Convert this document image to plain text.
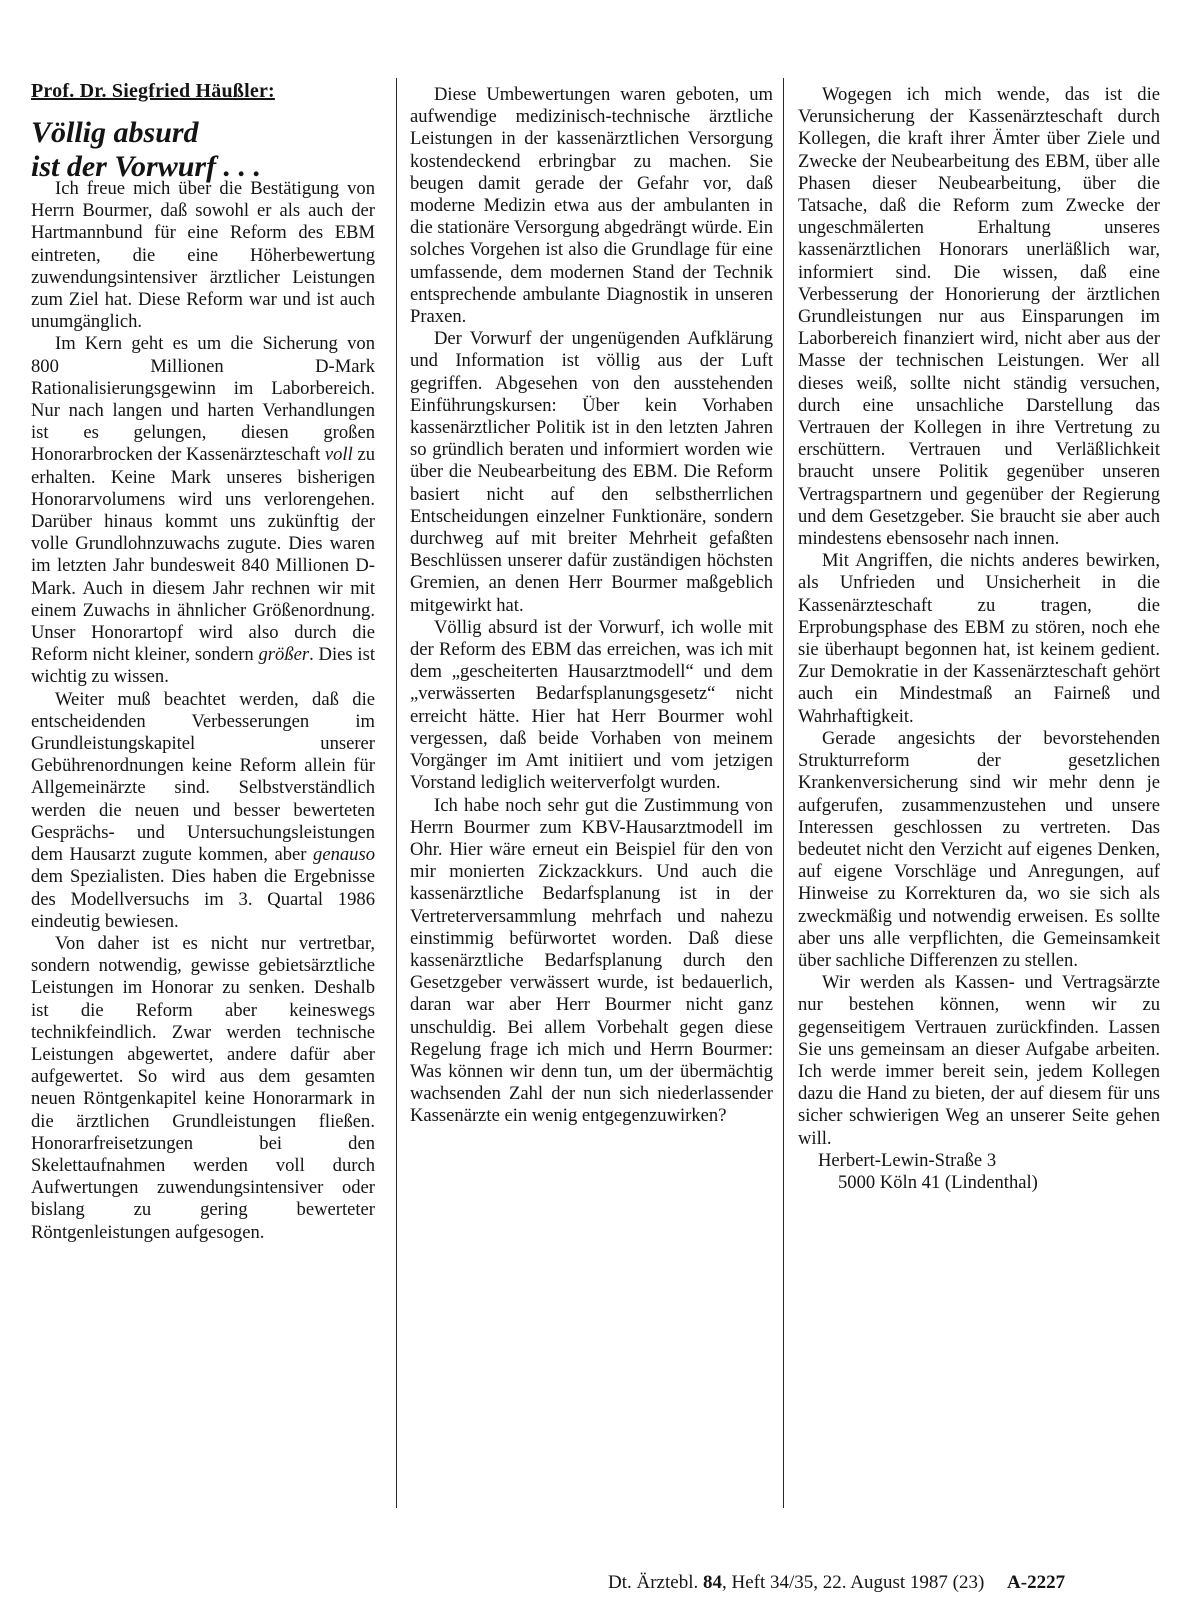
Prof. Dr. Siegfried Häußler:
Völlig absurd
ist der Vorwurf . . .

Ich freue mich über die Bestätigung von Herrn Bourmer, daß sowohl er als auch der Hartmannbund für eine Reform des EBM eintreten, die eine Höherbewertung zuwendungsintensiver ärztlicher Leistungen zum Ziel hat. Diese Reform war und ist auch unumgänglich.

Im Kern geht es um die Sicherung von 800 Millionen D-Mark Rationalisierungsgewinn im Laborbereich. Nur nach langen und harten Verhandlungen ist es gelungen, diesen großen Honorarbrocken der Kassenärzteschaft voll zu erhalten. Keine Mark unseres bisherigen Honorarvolumens wird uns verlorengehen. Darüber hinaus kommt uns zukünftig der volle Grundlohnzuwachs zugute. Dies waren im letzten Jahr bundesweit 840 Millionen D-Mark. Auch in diesem Jahr rechnen wir mit einem Zuwachs in ähnlicher Größenordnung. Unser Honorartopf wird also durch die Reform nicht kleiner, sondern größer. Dies ist wichtig zu wissen.

Weiter muß beachtet werden, daß die entscheidenden Verbesserungen im Grundleistungskapitel unserer Gebührenordnungen keine Reform allein für Allgemeinärzte sind. Selbstverständlich werden die neuen und besser bewerteten Gesprächs- und Untersuchungsleistungen dem Hausarzt zugute kommen, aber genauso dem Spezialisten. Dies haben die Ergebnisse des Modellversuchs im 3. Quartal 1986 eindeutig bewiesen.

Von daher ist es nicht nur vertretbar, sondern notwendig, gewisse gebietsärztliche Leistungen im Honorar zu senken. Deshalb ist die Reform aber keineswegs technikfeindlich. Zwar werden technische Leistungen abgewertet, andere dafür aber aufgewertet. So wird aus dem gesamten neuen Röntgenkapitel keine Honorarmark in die ärztlichen Grundleistungen fließen. Honorarfreisetzungen bei den Skelettaufnahmen werden voll durch Aufwertungen zuwendungsintensiver oder bislang zu gering bewerteter Röntgenleistungen aufgesogen.

Diese Umbewertungen waren geboten, um aufwendige medizinisch-technische ärztliche Leistungen in der kassenärztlichen Versorgung kostendeckend erbringbar zu machen. Sie beugen damit gerade der Gefahr vor, daß moderne Medizin etwa aus der ambulanten in die stationäre Versorgung abgedrängt würde. Ein solches Vorgehen ist also die Grundlage für eine umfassende, dem modernen Stand der Technik entsprechende ambulante Diagnostik in unseren Praxen.

Der Vorwurf der ungenügenden Aufklärung und Information ist völlig aus der Luft gegriffen. Abgesehen von den ausstehenden Einführungskursen: Über kein Vorhaben kassenärztlicher Politik ist in den letzten Jahren so gründlich beraten und informiert worden wie über die Neubearbeitung des EBM. Die Reform basiert nicht auf den selbstherrlichen Entscheidungen einzelner Funktionäre, sondern durchweg auf mit breiter Mehrheit gefaßten Beschlüssen unserer dafür zuständigen höchsten Gremien, an denen Herr Bourmer maßgeblich mitgewirkt hat.

Völlig absurd ist der Vorwurf, ich wolle mit der Reform des EBM das erreichen, was ich mit dem „gescheiterten Hausarztmodell“ und dem „verwässerten Bedarfsplanungsgesetz“ nicht erreicht hätte. Hier hat Herr Bourmer wohl vergessen, daß beide Vorhaben von meinem Vorgänger im Amt initiiert und vom jetzigen Vorstand lediglich weiterverfolgt wurden.

Ich habe noch sehr gut die Zustimmung von Herrn Bourmer zum KBV-Hausarztmodell im Ohr. Hier wäre erneut ein Beispiel für den von mir monierten Zickzackkurs. Und auch die kassenärztliche Bedarfsplanung ist in der Vertreterversammlung mehrfach und nahezu einstimmig befürwortet worden. Daß diese kassenärztliche Bedarfsplanung durch den Gesetzgeber verwässert wurde, ist bedauerlich, daran war aber Herr Bourmer nicht ganz unschuldig. Bei allem Vorbehalt gegen diese Regelung frage ich mich und Herrn Bourmer: Was können wir denn tun, um der übermächtig wachsenden Zahl der nun sich niederlassender Kassenärzte ein wenig entgegenzuwirken?

Wogegen ich mich wende, das ist die Verunsicherung der Kassenärzteschaft durch Kollegen, die kraft ihrer Ämter über Ziele und Zwecke der Neubearbeitung des EBM, über alle Phasen dieser Neubearbeitung, über die Tatsache, daß die Reform zum Zwecke der ungeschmälerten Erhaltung unseres kassenärztlichen Honorars unerläßlich war, informiert sind. Die wissen, daß eine Verbesserung der Honorierung der ärztlichen Grundleistungen nur aus Einsparungen im Laborbereich finanziert wird, nicht aber aus der Masse der technischen Leistungen. Wer all dieses weiß, sollte nicht ständig versuchen, durch eine unsachliche Darstellung das Vertrauen der Kollegen in ihre Vertretung zu erschüttern. Vertrauen und Verläßlichkeit braucht unsere Politik gegenüber unseren Vertragspartnern und gegenüber der Regierung und dem Gesetzgeber. Sie braucht sie aber auch mindestens ebensosehr nach innen.

Mit Angriffen, die nichts anderes bewirken, als Unfrieden und Unsicherheit in die Kassenärzteschaft zu tragen, die Erprobungsphase des EBM zu stören, noch ehe sie überhaupt begonnen hat, ist keinem gedient. Zur Demokratie in der Kassenärzteschaft gehört auch ein Mindestmaß an Fairneß und Wahrhaftigkeit.

Gerade angesichts der bevorstehenden Strukturreform der gesetzlichen Krankenversicherung sind wir mehr denn je aufgerufen, zusammenzustehen und unsere Interessen geschlossen zu vertreten. Das bedeutet nicht den Verzicht auf eigenes Denken, auf eigene Vorschläge und Anregungen, auf Hinweise zu Korrekturen da, wo sie sich als zweckmäßig und notwendig erweisen. Es sollte aber uns alle verpflichten, die Gemeinsamkeit über sachliche Differenzen zu stellen.

Wir werden als Kassen- und Vertragsärzte nur bestehen können, wenn wir zu gegenseitigem Vertrauen zurückfinden. Lassen Sie uns gemeinsam an dieser Aufgabe arbeiten. Ich werde immer bereit sein, jedem Kollegen dazu die Hand zu bieten, der auf diesem für uns sicher schwierigen Weg an unserer Seite gehen will.

Herbert-Lewin-Straße 3

5000 Köln 41 (Lindenthal)

Dt. Ärztebl. 84, Heft 34/35, 22. August 1987 (23) A-2227
